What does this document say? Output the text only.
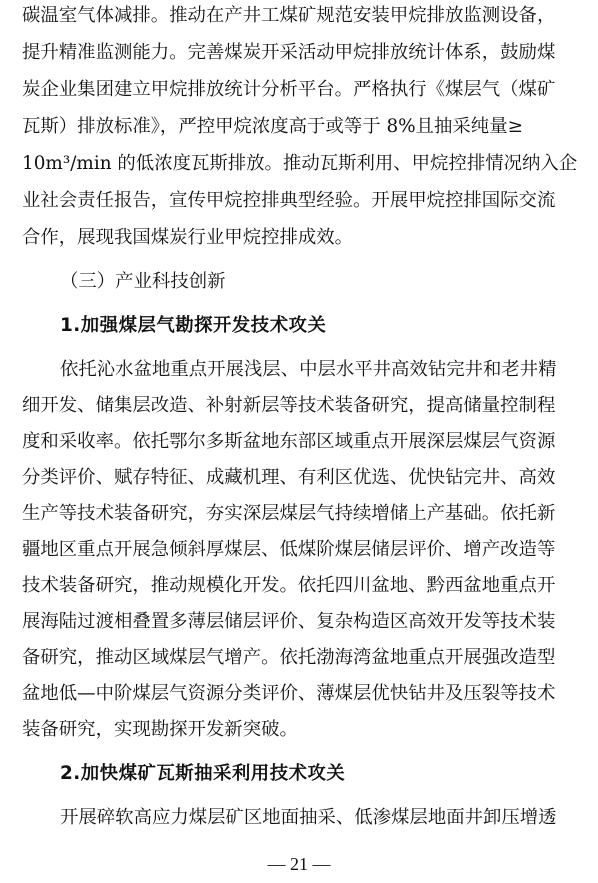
碳温室气体减排。推动在产井工煤矿规范安装甲烷排放监测设备，
提升精准监测能力。完善煤炭开采活动甲烷排放统计体系，鼓励煤
炭企业集团建立甲烷排放统计分析平台。严格执行《煤层气（煤矿
瓦斯）排放标准》，严控甲烷浓度高于或等于 8%且抽采纯量≥
10m³/min 的低浓度瓦斯排放。推动瓦斯利用、甲烷控排情况纳入企
业社会责任报告，宣传甲烷控排典型经验。开展甲烷控排国际交流
合作，展现我国煤炭行业甲烷控排成效。
（三）产业科技创新
1.加强煤层气勘探开发技术攻关
依托沁水盆地重点开展浅层、中层水平井高效钻完井和老井精
细开发、储集层改造、补射新层等技术装备研究，提高储量控制程
度和采收率。依托鄂尔多斯盆地东部区域重点开展深层煤层气资源
分类评价、赋存特征、成藏机理、有利区优选、优快钻完井、高效
生产等技术装备研究，夯实深层煤层气持续增储上产基础。依托新
疆地区重点开展急倾斜厚煤层、低煤阶煤层储层评价、增产改造等
技术装备研究，推动规模化开发。依托四川盆地、黔西盆地重点开
展海陆过渡相叠置多薄层储层评价、复杂构造区高效开发等技术装
备研究，推动区域煤层气增产。依托渤海湾盆地重点开展强改造型
盆地低—中阶煤层气资源分类评价、薄煤层优快钻井及压裂等技术
装备研究，实现勘探开发新突破。
2.加快煤矿瓦斯抽采利用技术攻关
开展碎软高应力煤层矿区地面抽采、低渗煤层地面井卸压增透
— 21 —
